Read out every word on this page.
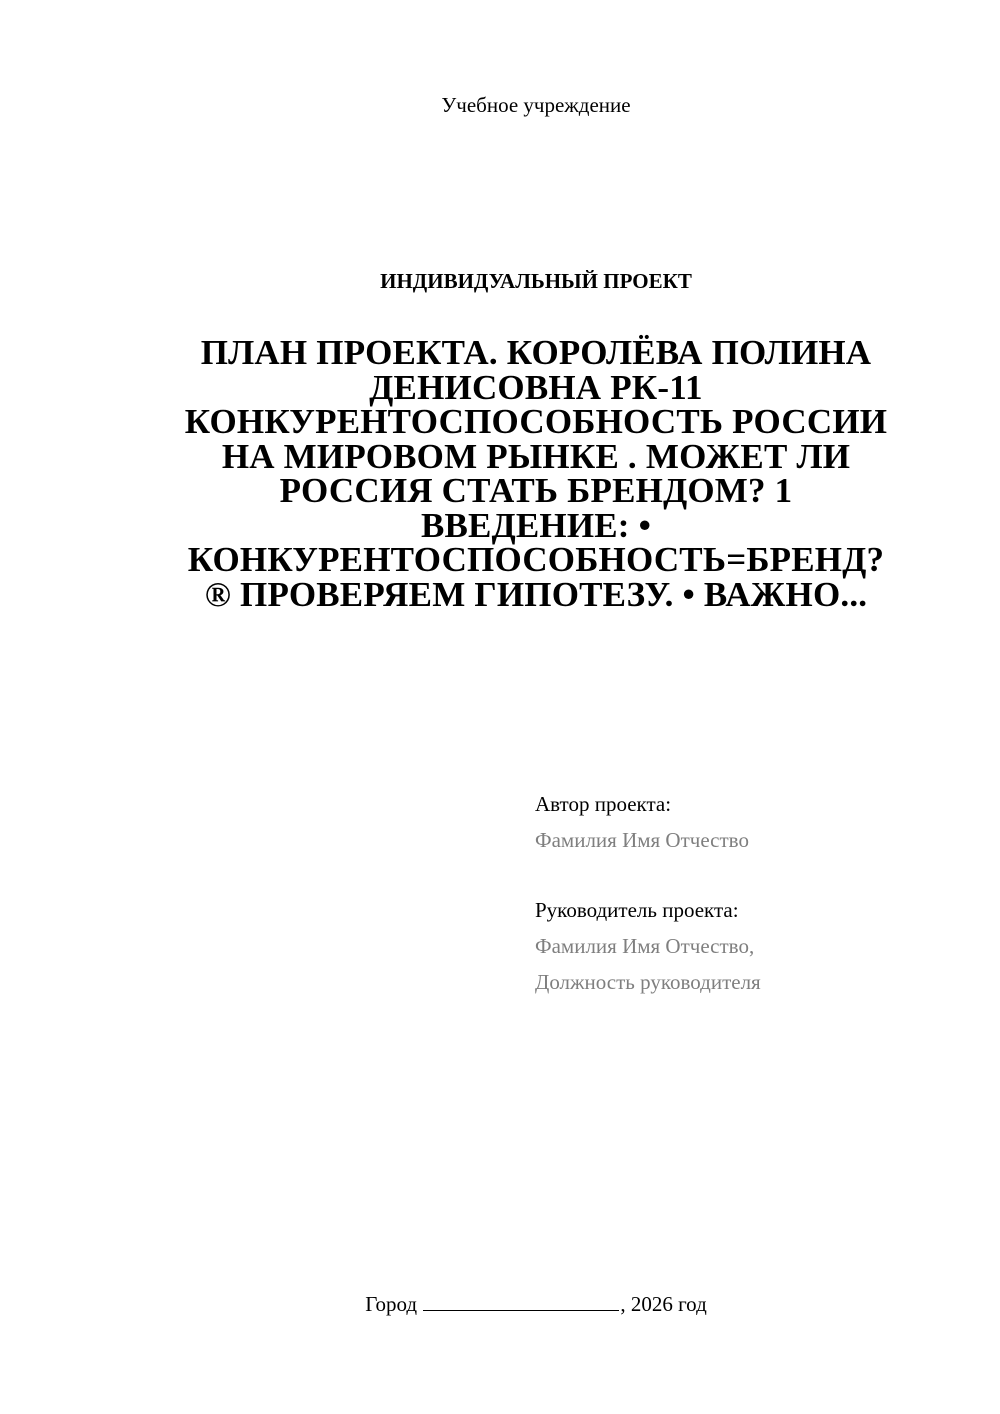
Учебное учреждение
ИНДИВИДУАЛЬНЫЙ ПРОЕКТ
ПЛАН ПРОЕКТА. КОРОЛЁВА ПОЛИНА
ДЕНИСОВНА РК-11
КОНКУРЕНТОСПОСОБНОСТЬ РОССИИ
НА МИРОВОМ РЫНКЕ . МОЖЕТ ЛИ
РОССИЯ СТАТЬ БРЕНДОМ? 1
ВВЕДЕНИЕ: •
КОНКУРЕНТОСПОСОБНОСТЬ=БРЕНД?
® ПРОВЕРЯЕМ ГИПОТЕЗУ. • ВАЖНО...
Автор проекта:
Фамилия Имя Отчество
Руководитель проекта:
Фамилия Имя Отчество,
Должность руководителя
Город	, 2026 год
